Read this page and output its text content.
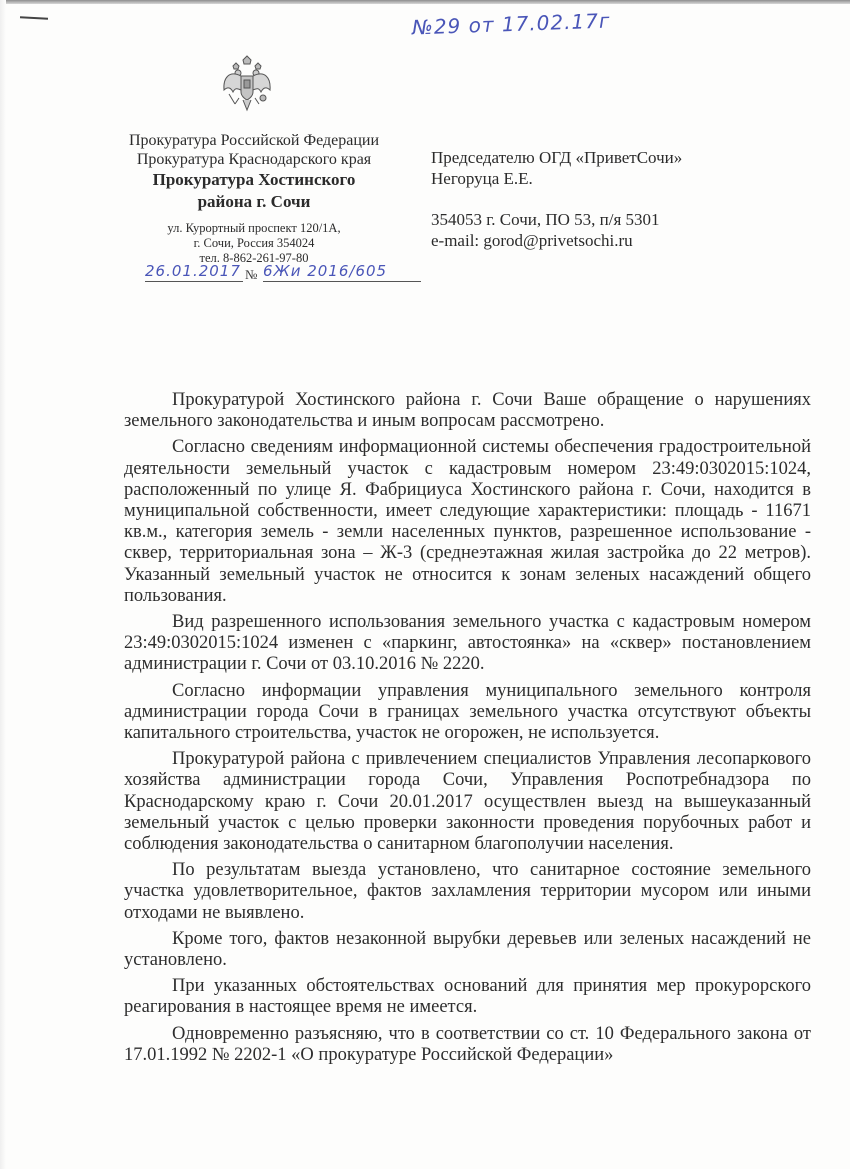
№29 от 17.02.17г
Прокуратура Российской Федерации
Прокуратура Краснодарского края
Прокуратура Хостинского
района г. Сочи
ул. Курортный проспект 120/1А,
г. Сочи, Россия 354024
тел. 8-862-261-97-80
26.01.2017 № 6Жи 2016/605
Председателю ОГД «ПриветСочи»
Негоруца Е.Е.
354053 г. Сочи, ПО 53, п/я 5301
e-mail: gorod@privetsochi.ru

Прокуратурой Хостинского района г. Сочи Ваше обращение о нарушениях земельного законодательства и иным вопросам рассмотрено.

Согласно сведениям информационной системы обеспечения градостроительной деятельности земельный участок с кадастровым номером 23:49:0302015:1024, расположенный по улице Я. Фабрициуса Хостинского района г. Сочи, находится в муниципальной собственности, имеет следующие характеристики: площадь - 11671 кв.м., категория земель - земли населенных пунктов, разрешенное использование - сквер, территориальная зона – Ж-3 (среднеэтажная жилая застройка до 22 метров). Указанный земельный участок не относится к зонам зеленых насаждений общего пользования.

Вид разрешенного использования земельного участка с кадастровым номером 23:49:0302015:1024 изменен с «паркинг, автостоянка» на «сквер» постановлением администрации г. Сочи от 03.10.2016 № 2220.

Согласно информации управления муниципального земельного контроля администрации города Сочи в границах земельного участка отсутствуют объекты капитального строительства, участок не огорожен, не используется.

Прокуратурой района с привлечением специалистов Управления лесопаркового хозяйства администрации города Сочи, Управления Роспотребнадзора по Краснодарскому краю г. Сочи 20.01.2017 осуществлен выезд на вышеуказанный земельный участок с целью проверки законности проведения порубочных работ и соблюдения законодательства о санитарном благополучии населения.

По результатам выезда установлено, что санитарное состояние земельного участка удовлетворительное, фактов захламления территории мусором или иными отходами не выявлено.

Кроме того, фактов незаконной вырубки деревьев или зеленых насаждений не установлено.

При указанных обстоятельствах оснований для принятия мер прокурорского реагирования в настоящее время не имеется.

Одновременно разъясняю, что в соответствии со ст. 10 Федерального закона от 17.01.1992 № 2202-1 «О прокуратуре Российской Федерации»
